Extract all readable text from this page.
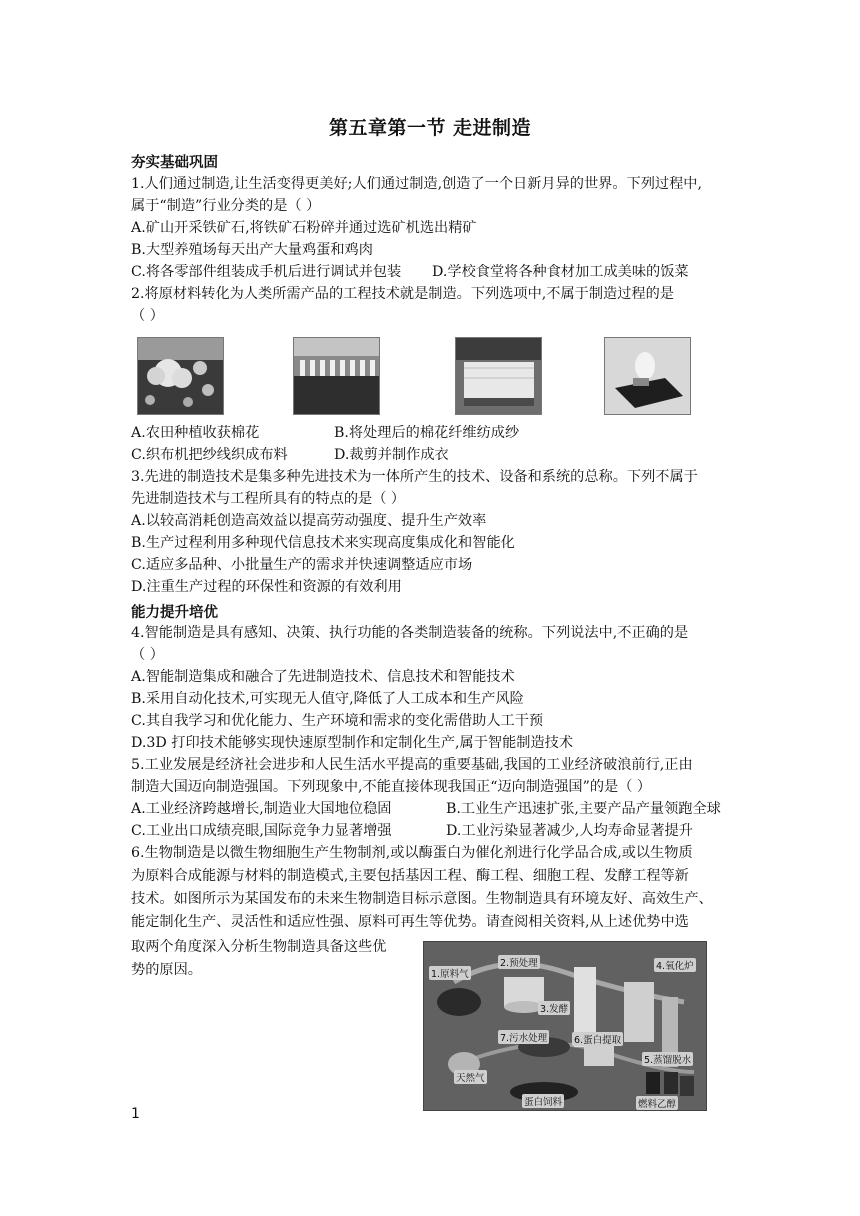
第五章第一节 走进制造
夯实基础巩固
1.人们通过制造,让生活变得更美好;人们通过制造,创造了一个日新月异的世界。下列过程中,
属于“制造”行业分类的是（ ）
A.矿山开采铁矿石,将铁矿石粉碎并通过选矿机选出精矿
B.大型养殖场每天出产大量鸡蛋和鸡肉
C.将各零部件组装成手机后进行调试并包装 D.学校食堂将各种食材加工成美味的饭菜
2.将原材料转化为人类所需产品的工程技术就是制造。下列选项中,不属于制造过程的是
（ ）
A.农田种植收获棉花	B.将处理后的棉花纤维纺成纱
C.织布机把纱线织成布料	D.裁剪并制作成衣
3.先进的制造技术是集多种先进技术为一体所产生的技术、设备和系统的总称。下列不属于
先进制造技术与工程所具有的特点的是（ ）
A.以较高消耗创造高效益以提高劳动强度、提升生产效率
B.生产过程利用多种现代信息技术来实现高度集成化和智能化
C.适应多品种、小批量生产的需求并快速调整适应市场
D.注重生产过程的环保性和资源的有效利用
能力提升培优
4.智能制造是具有感知、决策、执行功能的各类制造装备的统称。下列说法中,不正确的是
（ ）
A.智能制造集成和融合了先进制造技术、信息技术和智能技术
B.采用自动化技术,可实现无人值守,降低了人工成本和生产风险
C.其自我学习和优化能力、生产环境和需求的变化需借助人工干预
D.3D 打印技术能够实现快速原型制作和定制化生产,属于智能制造技术
5.工业发展是经济社会进步和人民生活水平提高的重要基础,我国的工业经济破浪前行,正由
制造大国迈向制造强国。下列现象中,不能直接体现我国正“迈向制造强国”的是（ ）
A.工业经济跨越增长,制造业大国地位稳固	B.工业生产迅速扩张,主要产品产量领跑全球
C.工业出口成绩亮眼,国际竞争力显著增强	D.工业污染显著减少,人均寿命显著提升
6.生物制造是以微生物细胞生产生物制剂,或以酶蛋白为催化剂进行化学品合成,或以生物质
为原料合成能源与材料的制造模式,主要包括基因工程、酶工程、细胞工程、发酵工程等新
技术。如图所示为某国发布的未来生物制造目标示意图。生物制造具有环境友好、高效生产、
能定制化生产、灵活性和适应性强、原料可再生等优势。请查阅相关资料,从上述优势中选
取两个角度深入分析生物制造具备这些优
势的原因。	1.原料气
2.预处理	4.氧化炉
3.发酵
7.污水处理	6.蛋白提取
5.蒸馏脱水
天然气
蛋白饲料	燃料乙醇
1
